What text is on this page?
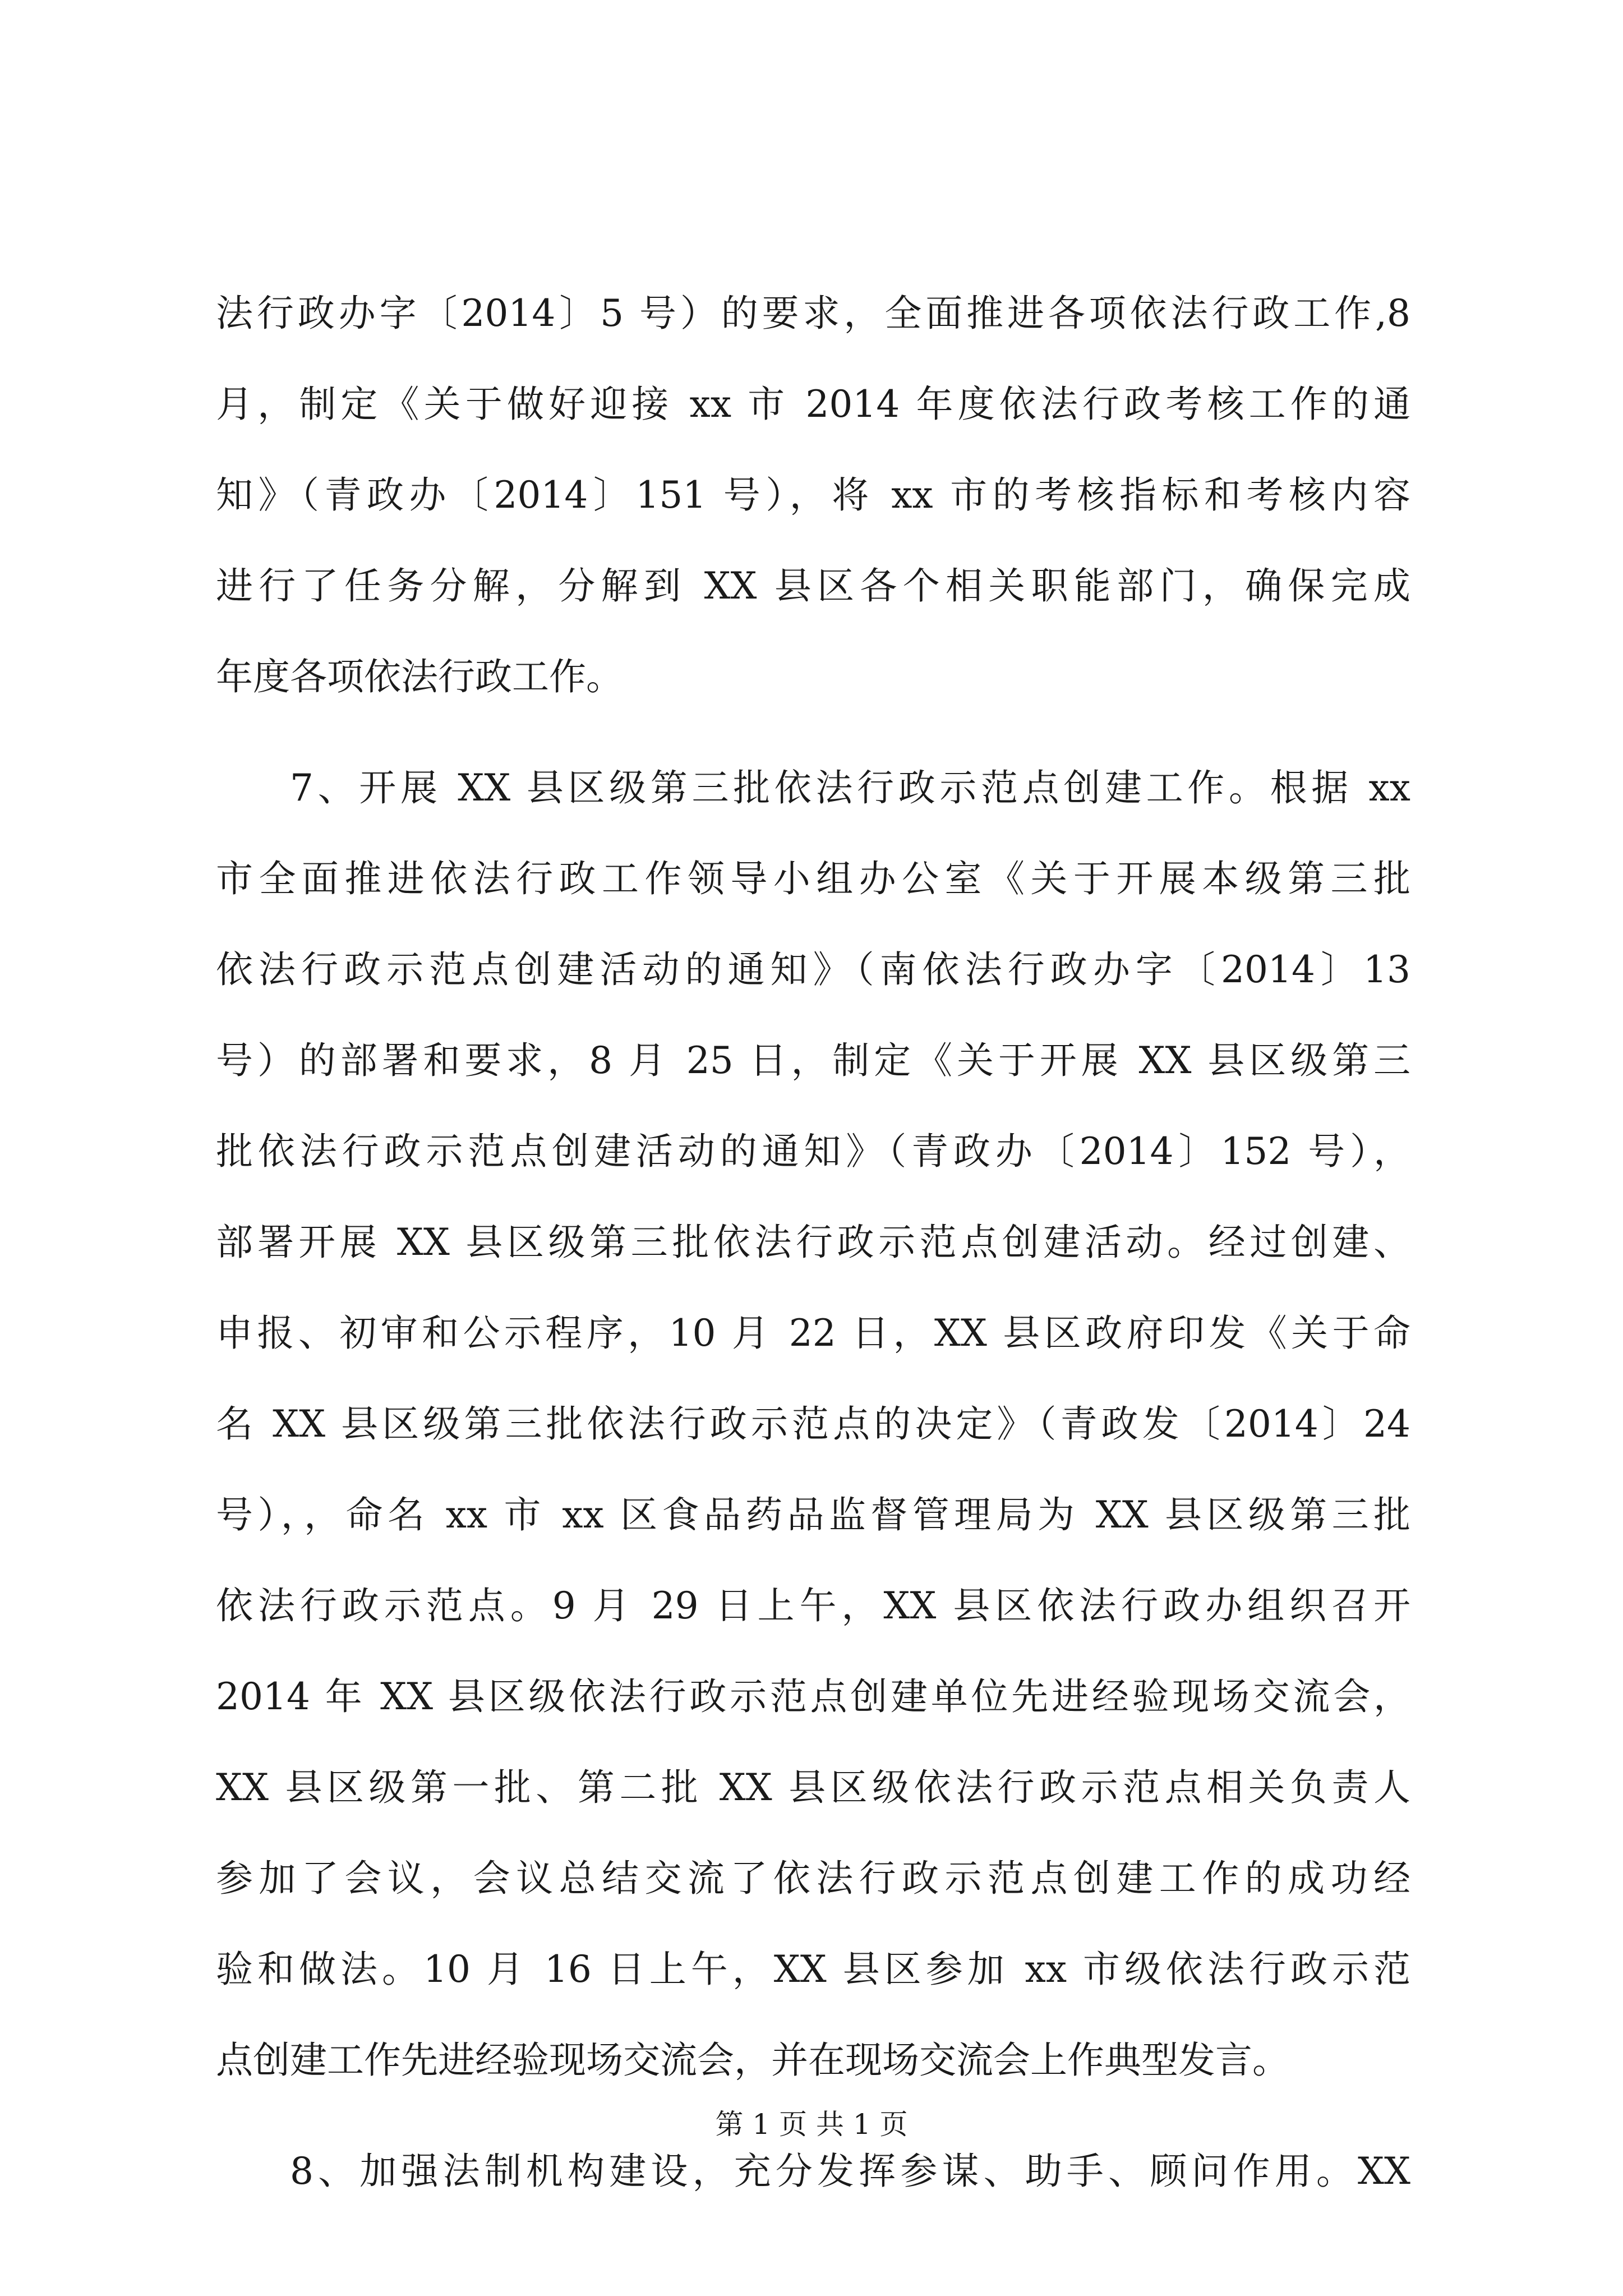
法行政办字〔2014〕5 号）的要求，全面推进各项依法行政工作,8
月，制定《关于做好迎接 xx 市 2014 年度依法行政考核工作的通
知》（青政办〔2014〕151 号），将 xx 市的考核指标和考核内容
进行了任务分解，分解到 XX 县区各个相关职能部门，确保完成
年度各项依法行政工作。
7、开展 XX 县区级第三批依法行政示范点创建工作。根据 xx
市全面推进依法行政工作领导小组办公室《关于开展本级第三批
依法行政示范点创建活动的通知》（南依法行政办字〔2014〕13
号）的部署和要求，8 月 25 日，制定《关于开展 XX 县区级第三
批依法行政示范点创建活动的通知》（青政办〔2014〕152 号），
部署开展 XX 县区级第三批依法行政示范点创建活动。经过创建、
申报、初审和公示程序，10 月 22 日，XX 县区政府印发《关于命
名 XX 县区级第三批依法行政示范点的决定》（青政发〔2014〕24
号），，命名 xx 市 xx 区食品药品监督管理局为 XX 县区级第三批
依法行政示范点。9 月 29 日上午，XX 县区依法行政办组织召开
2014 年 XX 县区级依法行政示范点创建单位先进经验现场交流会，
XX 县区级第一批、第二批 XX 县区级依法行政示范点相关负责人
参加了会议，会议总结交流了依法行政示范点创建工作的成功经
验和做法。10 月 16 日上午，XX 县区参加 xx 市级依法行政示范
点创建工作先进经验现场交流会，并在现场交流会上作典型发言。
8、加强法制机构建设，充分发挥参谋、助手、顾问作用。XX
第 1 页 共 1 页
